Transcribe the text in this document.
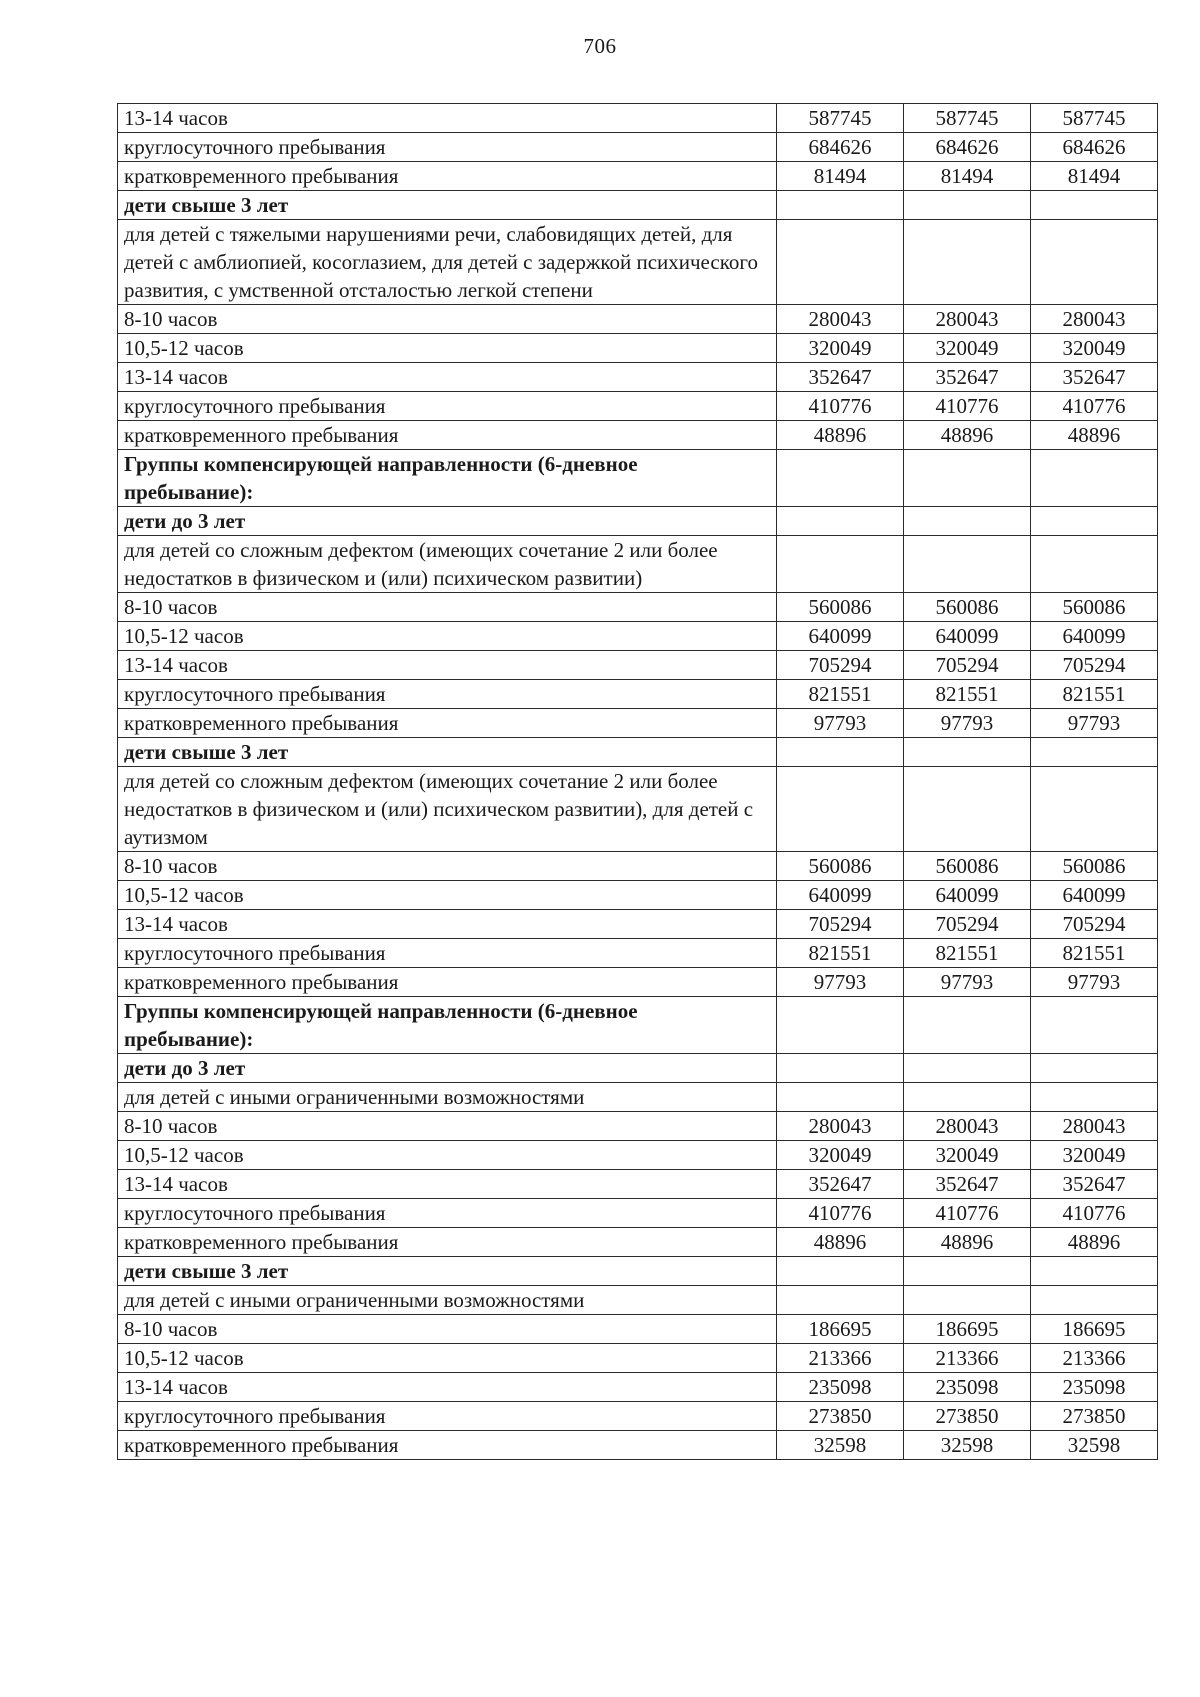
706
13-14 часов	587745	587745	587745
круглосуточного пребывания	684626	684626	684626
кратковременного пребывания	81494	81494	81494
дети свыше 3 лет			
для детей с тяжелыми нарушениями речи, слабовидящих детей, для детей с амблиопией, косоглазием, для детей с задержкой психического развития, с умственной отсталостью легкой степени			
8-10 часов	280043	280043	280043
10,5-12 часов	320049	320049	320049
13-14 часов	352647	352647	352647
круглосуточного пребывания	410776	410776	410776
кратковременного пребывания	48896	48896	48896
Группы компенсирующей направленности (6-дневное пребывание):			
дети до 3 лет			
для детей со сложным дефектом (имеющих сочетание 2 или более недостатков в физическом и (или) психическом развитии)			
8-10 часов	560086	560086	560086
10,5-12 часов	640099	640099	640099
13-14 часов	705294	705294	705294
круглосуточного пребывания	821551	821551	821551
кратковременного пребывания	97793	97793	97793
дети свыше 3 лет			
для детей со сложным дефектом (имеющих сочетание 2 или более недостатков в физическом и (или) психическом развитии), для детей с аутизмом			
8-10 часов	560086	560086	560086
10,5-12 часов	640099	640099	640099
13-14 часов	705294	705294	705294
круглосуточного пребывания	821551	821551	821551
кратковременного пребывания	97793	97793	97793
Группы компенсирующей направленности (6-дневное пребывание):			
дети до 3 лет			
для детей с иными ограниченными возможностями			
8-10 часов	280043	280043	280043
10,5-12 часов	320049	320049	320049
13-14 часов	352647	352647	352647
круглосуточного пребывания	410776	410776	410776
кратковременного пребывания	48896	48896	48896
дети свыше 3 лет			
для детей с иными ограниченными возможностями			
8-10 часов	186695	186695	186695
10,5-12 часов	213366	213366	213366
13-14 часов	235098	235098	235098
круглосуточного пребывания	273850	273850	273850
кратковременного пребывания	32598	32598	32598
